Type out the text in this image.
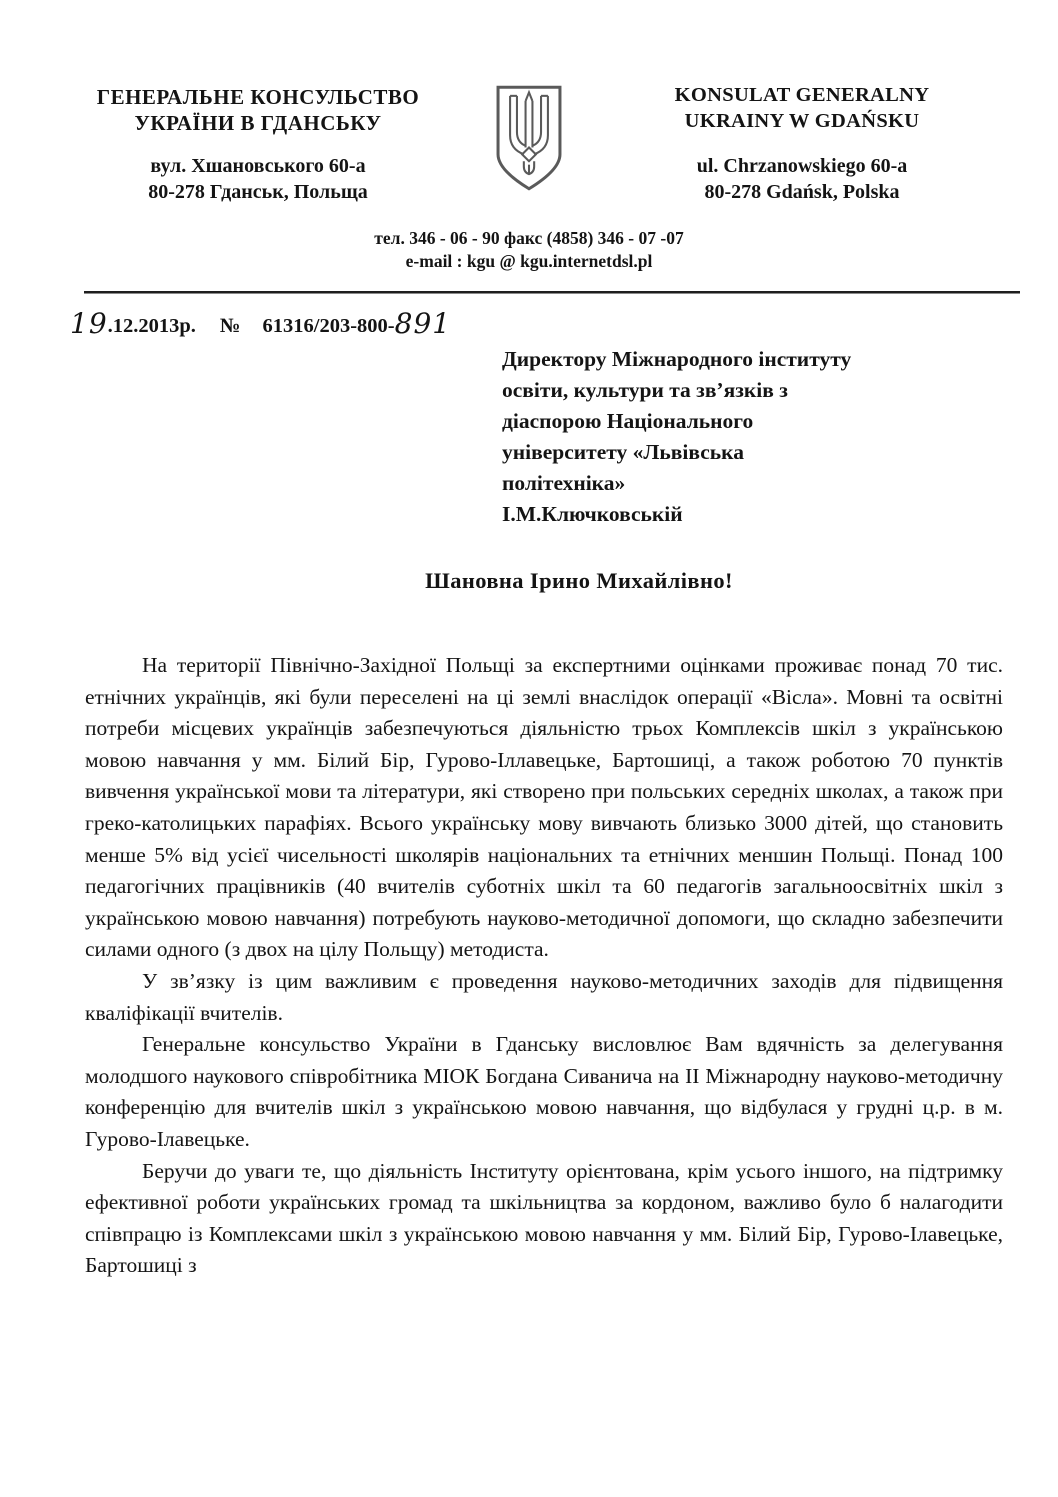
ГЕНЕРАЛЬНЕ КОНСУЛЬСТВО
УКРАЇНИ В ГДАНСЬКУ
KONSULAT GENERALNY
UKRAINY W GDAŃSKU
вул. Хшановського 60-а
80-278 Гданськ, Польща
ul. Chrzanowskiego 60-a
80-278 Gdańsk, Polska
тел. 346 - 06 - 90 факс (4858) 346 - 07 -07
e-mail : kgu @ kgu.internetdsl.pl
19.12.2013р. № 61316/203-800-891
Директору Міжнародного інституту
освіти, культури та зв’язків з
діаспорою Національного
університету «Львівська
політехніка»
І.М.Ключковській
Шановна Ірино Михайлівно!

На території Північно-Західної Польщі за експертними оцінками проживає понад 70 тис. етнічних українців, які були переселені на ці землі внаслідок операції «Вісла». Мовні та освітні потреби місцевих українців забезпечуються діяльністю трьох Комплексів шкіл з українською мовою навчання у мм. Білий Бір, Гурово-Іллавецьке, Бартошиці, а також роботою 70 пунктів вивчення української мови та літератури, які створено при польських середніх школах, а також при греко-католицьких парафіях. Всього українську мову вивчають близько 3000 дітей, що становить менше 5% від усієї чисельності школярів національних та етнічних меншин Польщі. Понад 100 педагогічних працівників (40 вчителів суботніх шкіл та 60 педагогів загальноосвітніх шкіл з українською мовою навчання) потребують науково-методичної допомоги, що складно забезпечити силами одного (з двох на цілу Польщу) методиста.

У зв’язку із цим важливим є проведення науково-методичних заходів для підвищення кваліфікації вчителів.

Генеральне консульство України в Гданську висловлює Вам вдячність за делегування молодшого наукового співробітника МІОК Богдана Сиванича на ІІ Міжнародну науково-методичну конференцію для вчителів шкіл з українською мовою навчання, що відбулася у грудні ц.р. в м. Гурово-Ілавецьке.

Беручи до уваги те, що діяльність Інституту орієнтована, крім усього іншого, на підтримку ефективної роботи українських громад та шкільництва за кордоном, важливо було б налагодити співпрацю із Комплексами шкіл з українською мовою навчання у мм. Білий Бір, Гурово-Ілавецьке, Бартошиці з
